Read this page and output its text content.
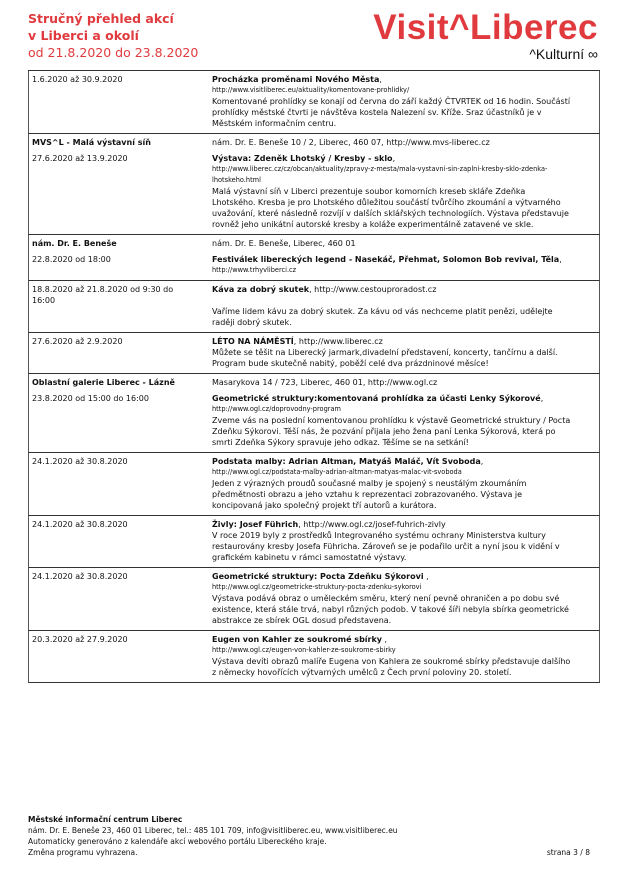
Stručný přehled akcí
v Liberci a okolí
od 21.8.2020 do 23.8.2020
Visit^Liberec
^Kulturní ∞
1.6.2020 až 30.9.2020	Procházka proměnami Nového Města,
http://www.visitliberec.eu/aktuality/komentovane-prohlidky/
Komentované prohlídky se konají od června do září každý ČTVRTEK od 16 hodin. Součástí
prohlídky městské čtvrti je návštěva kostela Nalezení sv. Kříže. Sraz účastníků je v
Městském informačním centru.
MVS^L - Malá výstavní síň	nám. Dr. E. Beneše 10 / 2, Liberec, 460 07, http://www.mvs-liberec.cz
27.6.2020 až 13.9.2020	Výstava: Zdeněk Lhotský / Kresby - sklo,
http://www.liberec.cz/cz/obcan/aktuality/zpravy-z-mesta/mala-vystavni-sin-zaplni-kresby-sklo-zdenka-
lhotskeho.html
Malá výstavní síň v Liberci prezentuje soubor komorních kreseb skláře Zdeňka
Lhotského. Kresba je pro Lhotského důležitou součástí tvůrčího zkoumání a výtvarného
uvažování, které následně rozvíjí v dalších sklářských technologiích. Výstava představuje
rovněž jeho unikátní autorské kresby a koláže experimentálně zatavené ve skle.
nám. Dr. E. Beneše	nám. Dr. E. Beneše, Liberec, 460 01
22.8.2020 od 18:00	Festiválek libereckých legend - Nasekáč, Přehmat, Solomon Bob revival, Těla,
http://www.trhyvliberci.cz
18.8.2020 až 21.8.2020 od 9:30 do	Káva za dobrý skutek, http://www.cestouproradost.cz
16:00
Vaříme lidem kávu za dobrý skutek. Za kávu od vás nechceme platit penězi, udělejte
raději dobrý skutek.
27.6.2020 až 2.9.2020	LÉTO NA NÁMĚSTÍ, http://www.liberec.cz
Můžete se těšit na Liberecký jarmark,divadelní představení, koncerty, tančírnu a další.
Program bude skutečně nabitý, poběží celé dva prázdninové měsíce!
Oblastní galerie Liberec - Lázně	Masarykova 14 / 723, Liberec, 460 01, http://www.ogl.cz
23.8.2020 od 15:00 do 16:00	Geometrické struktury:komentovaná prohlídka za účasti Lenky Sýkorové,
http://www.ogl.cz/doprovodny-program
Zveme vás na poslední komentovanou prohlídku k výstavě Geometrické struktury / Pocta
Zdeňku Sýkorovi. Těší nás, že pozvání přijala jeho žena paní Lenka Sýkorová, která po
smrti Zdeňka Sýkory spravuje jeho odkaz. Těšíme se na setkání!
24.1.2020 až 30.8.2020	Podstata malby: Adrian Altman, Matyáš Maláč, Vít Svoboda,
http://www.ogl.cz/podstata-malby-adrian-altman-matyas-malac-vit-svoboda
Jeden z výrazných proudů současné malby je spojený s neustálým zkoumáním
předmětnosti obrazu a jeho vztahu k reprezentaci zobrazovaného. Výstava je
koncipovaná jako společný projekt tří autorů a kurátora.
24.1.2020 až 30.8.2020	Živly: Josef Führich, http://www.ogl.cz/josef-fuhrich-zivly
V roce 2019 byly z prostředků Integrovaného systému ochrany Ministerstva kultury
restaurovány kresby Josefa Führicha. Zároveň se je podařilo určit a nyní jsou k vidění v
grafickém kabinetu v rámci samostatné výstavy.
24.1.2020 až 30.8.2020	Geometrické struktury: Pocta Zdeňku Sýkorovi ,
http://www.ogl.cz/geometricke-struktury-pocta-zdenku-sykorovi
Výstava podává obraz o uměleckém směru, který není pevně ohraničen a po dobu své
existence, která stále trvá, nabyl různých podob. V takové šíři nebyla sbírka geometrické
abstrakce ze sbírek OGL dosud představena.
20.3.2020 až 27.9.2020	Eugen von Kahler ze soukromé sbírky ,
http://www.ogl.cz/eugen-von-kahler-ze-soukrome-sbirky
Výstava devíti obrazů malíře Eugena von Kahlera ze soukromé sbírky představuje dalšího
z německy hovořících výtvarných umělců z Čech první poloviny 20. století.
Městské informační centrum Liberec
nám. Dr. E. Beneše 23, 460 01 Liberec, tel.: 485 101 709, info@visitliberec.eu, www.visitliberec.eu
Automaticky generováno z kalendáře akcí webového portálu Libereckého kraje.
Změna programu vyhrazena.	strana 3 / 8
